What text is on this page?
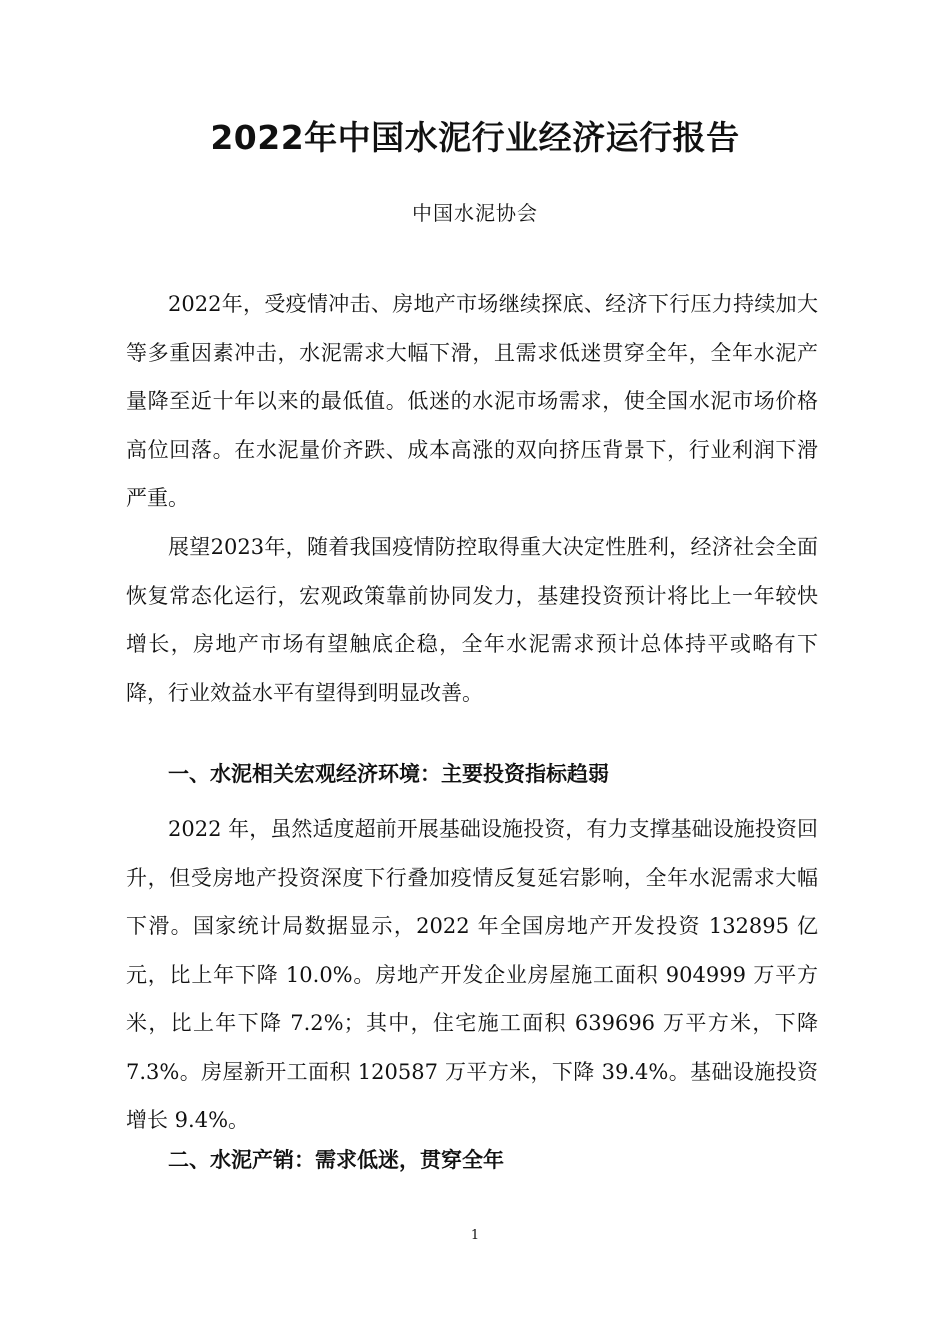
2022年中国水泥行业经济运行报告
中国水泥协会

2022年，受疫情冲击、房地产市场继续探底、经济下行压力持续加大等多重因素冲击，水泥需求大幅下滑，且需求低迷贯穿全年，全年水泥产量降至近十年以来的最低值。低迷的水泥市场需求，使全国水泥市场价格高位回落。在水泥量价齐跌、成本高涨的双向挤压背景下，行业利润下滑严重。

展望2023年，随着我国疫情防控取得重大决定性胜利，经济社会全面恢复常态化运行，宏观政策靠前协同发力，基建投资预计将比上一年较快增长，房地产市场有望触底企稳，全年水泥需求预计总体持平或略有下降，行业效益水平有望得到明显改善。

一、水泥相关宏观经济环境：主要投资指标趋弱

2022 年，虽然适度超前开展基础设施投资，有力支撑基础设施投资回升，但受房地产投资深度下行叠加疫情反复延宕影响，全年水泥需求大幅下滑。国家统计局数据显示，2022 年全国房地产开发投资 132895 亿元，比上年下降 10.0%。房地产开发企业房屋施工面积 904999 万平方米，比上年下降 7.2%；其中，住宅施工面积 639696 万平方米，下降 7.3%。房屋新开工面积 120587 万平方米，下降 39.4%。基础设施投资增长 9.4%。

二、水泥产销：需求低迷，贯穿全年
1
